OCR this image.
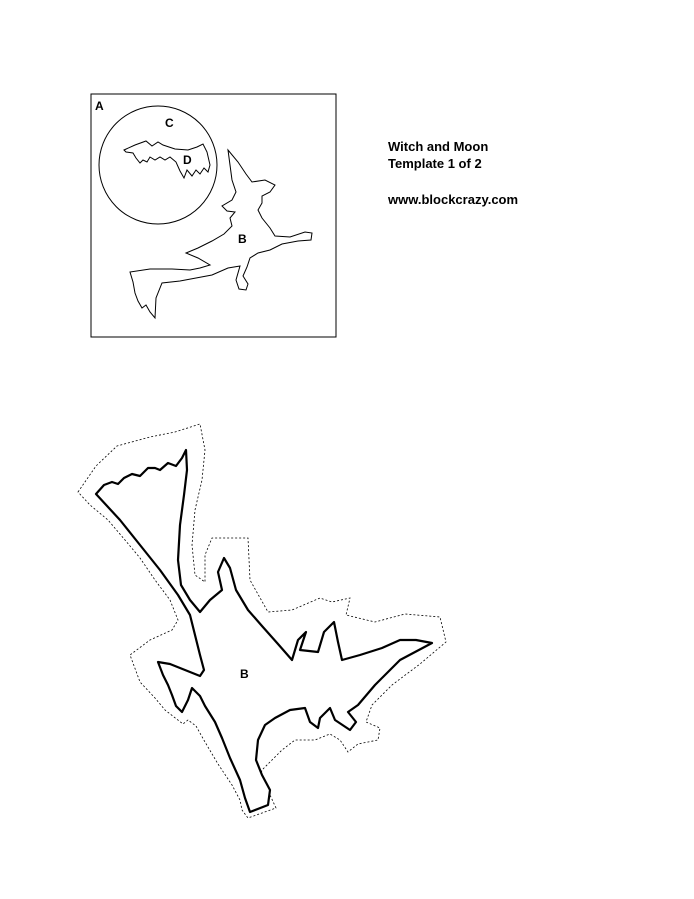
A
C
D
B
B
Witch and Moon
Template 1 of 2
www.blockcrazy.com
